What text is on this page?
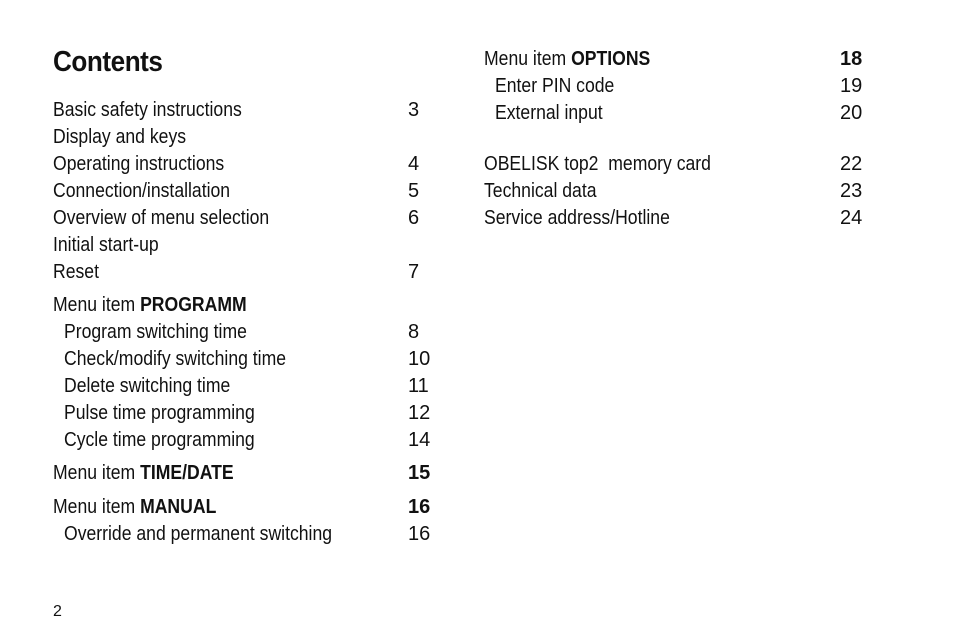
Contents
Basic safety instructions	3
Display and keys
Operating instructions	4
Connection/installation	5
Overview of menu selection	6
Initial start-up
Reset	7
Menu item PROGRAMM
Program switching time	8
Check/modify switching time	10
Delete switching time	11
Pulse time programming	12
Cycle time programming	14
Menu item TIME/DATE	15
Menu item MANUAL	16
Override and permanent switching	16
Menu item OPTIONS	18
Enter PIN code	19
External input	20
OBELISK top2  memory card	22
Technical data	23
Service address/Hotline	24
2
